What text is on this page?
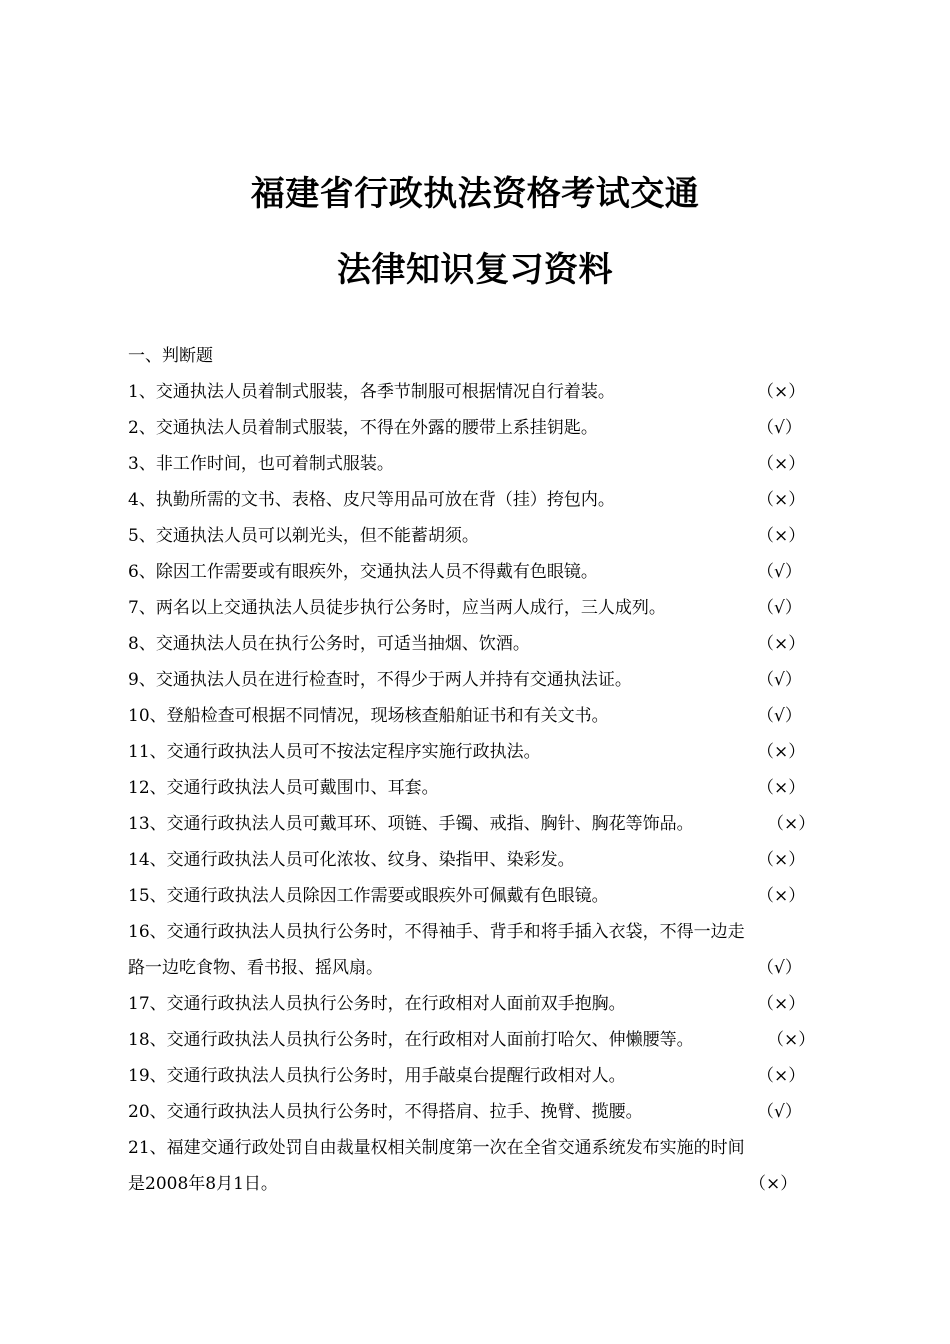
福建省行政执法资格考试交通
法律知识复习资料
一、判断题
1、交通执法人员着制式服装，各季节制服可根据情况自行着装。	（×）
2、交通执法人员着制式服装，不得在外露的腰带上系挂钥匙。	（√）
3、非工作时间，也可着制式服装。	（×）
4、执勤所需的文书、表格、皮尺等用品可放在背（挂）挎包内。	（×）
5、交通执法人员可以剃光头，但不能蓄胡须。	（×）
6、除因工作需要或有眼疾外，交通执法人员不得戴有色眼镜。	（√）
7、两名以上交通执法人员徒步执行公务时，应当两人成行，三人成列。	（√）
8、交通执法人员在执行公务时，可适当抽烟、饮酒。	（×）
9、交通执法人员在进行检查时，不得少于两人并持有交通执法证。	（√）
10、登船检查可根据不同情况，现场核查船舶证书和有关文书。	（√）
11、交通行政执法人员可不按法定程序实施行政执法。	（×）
12、交通行政执法人员可戴围巾、耳套。	（×）
13、交通行政执法人员可戴耳环、项链、手镯、戒指、胸针、胸花等饰品。	（×）
14、交通行政执法人员可化浓妆、纹身、染指甲、染彩发。	（×）
15、交通行政执法人员除因工作需要或眼疾外可佩戴有色眼镜。	（×）
16、交通行政执法人员执行公务时，不得袖手、背手和将手插入衣袋，不得一边走
路一边吃食物、看书报、摇风扇。	（√）
17、交通行政执法人员执行公务时，在行政相对人面前双手抱胸。	（×）
18、交通行政执法人员执行公务时，在行政相对人面前打哈欠、伸懒腰等。	（×）
19、交通行政执法人员执行公务时，用手敲桌台提醒行政相对人。	（×）
20、交通行政执法人员执行公务时，不得搭肩、拉手、挽臂、揽腰。	（√）
21、福建交通行政处罚自由裁量权相关制度第一次在全省交通系统发布实施的时间
是2008年8月1日。	（×）
